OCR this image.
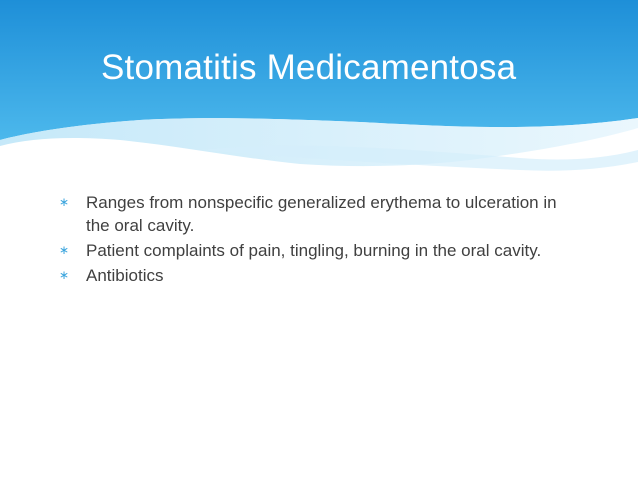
Stomatitis Medicamentosa
∗ Ranges from nonspecific generalized erythema to ulceration in the oral cavity.
∗ Patient complaints of pain, tingling, burning in the oral cavity.
∗ Antibiotics
